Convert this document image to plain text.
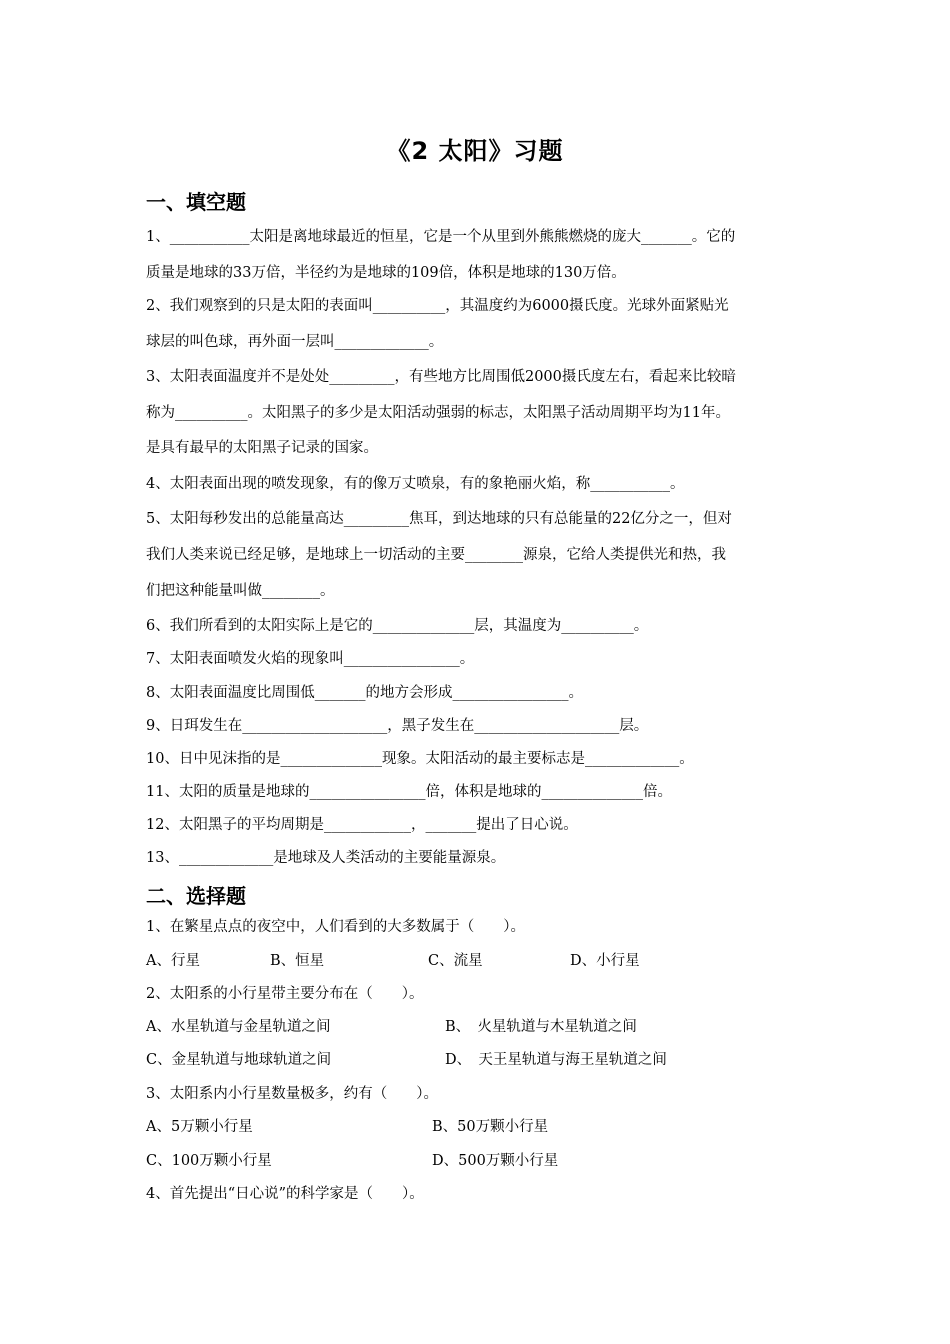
《2 太阳》习题
一、填空题
1、___________太阳是离地球最近的恒星，它是一个从里到外熊熊燃烧的庞大_______。它的
质量是地球的33万倍，半径约为是地球的109倍，体积是地球的130万倍。
2、我们观察到的只是太阳的表面叫__________，其温度约为6000摄氏度。光球外面紧贴光
球层的叫色球，再外面一层叫_____________。
3、太阳表面温度并不是处处_________，有些地方比周围低2000摄氏度左右，看起来比较暗
称为__________。太阳黑子的多少是太阳活动强弱的标志，太阳黑子活动周期平均为11年。
是具有最早的太阳黑子记录的国家。
4、太阳表面出现的喷发现象，有的像万丈喷泉，有的象艳丽火焰，称___________。
5、太阳每秒发出的总能量高达_________焦耳，到达地球的只有总能量的22亿分之一，但对
我们人类来说已经足够，是地球上一切活动的主要________源泉，它给人类提供光和热，我
们把这种能量叫做________。
6、我们所看到的太阳实际上是它的______________层，其温度为__________。
7、太阳表面喷发火焰的现象叫________________。
8、太阳表面温度比周围低_______的地方会形成________________。
9、日珥发生在____________________，黑子发生在____________________层。
10、日中见沫指的是______________现象。太阳活动的最主要标志是_____________。
11、太阳的质量是地球的________________倍，体积是地球的______________倍。
12、太阳黑子的平均周期是____________，_______提出了日心说。
13、_____________是地球及人类活动的主要能量源泉。
二、选择题
1、在繁星点点的夜空中，人们看到的大多数属于（　　）。
A、行星	B、恒星	C、流星	D、小行星
2、太阳系的小行星带主要分布在（　　）。
A、水星轨道与金星轨道之间	B、　火星轨道与木星轨道之间
C、金星轨道与地球轨道之间	D、　天王星轨道与海王星轨道之间
3、太阳系内小行星数量极多，约有（　　）。
A、5万颗小行星	B、50万颗小行星
C、100万颗小行星	D、500万颗小行星
4、首先提出“日心说”的科学家是（　　）。
